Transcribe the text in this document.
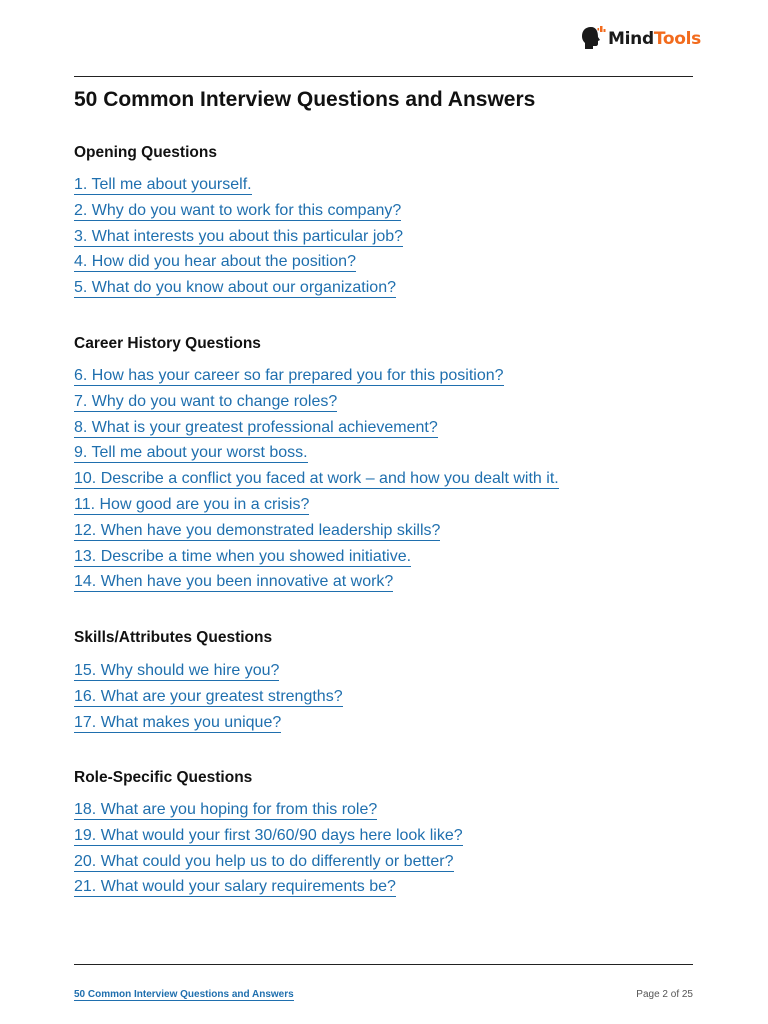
MindTools
50 Common Interview Questions and Answers
Opening Questions
1. Tell me about yourself.
2. Why do you want to work for this company?
3. What interests you about this particular job?
4. How did you hear about the position?
5. What do you know about our organization?
Career History Questions
6. How has your career so far prepared you for this position?
7. Why do you want to change roles?
8. What is your greatest professional achievement?
9. Tell me about your worst boss.
10. Describe a conflict you faced at work – and how you dealt with it.
11. How good are you in a crisis?
12. When have you demonstrated leadership skills?
13. Describe a time when you showed initiative.
14. When have you been innovative at work?
Skills/Attributes Questions
15. Why should we hire you?
16. What are your greatest strengths?
17. What makes you unique?
Role-Specific Questions
18. What are you hoping for from this role?
19. What would your first 30/60/90 days here look like?
20. What could you help us to do differently or better?
21. What would your salary requirements be?
50 Common Interview Questions and Answers	Page 2 of 25
